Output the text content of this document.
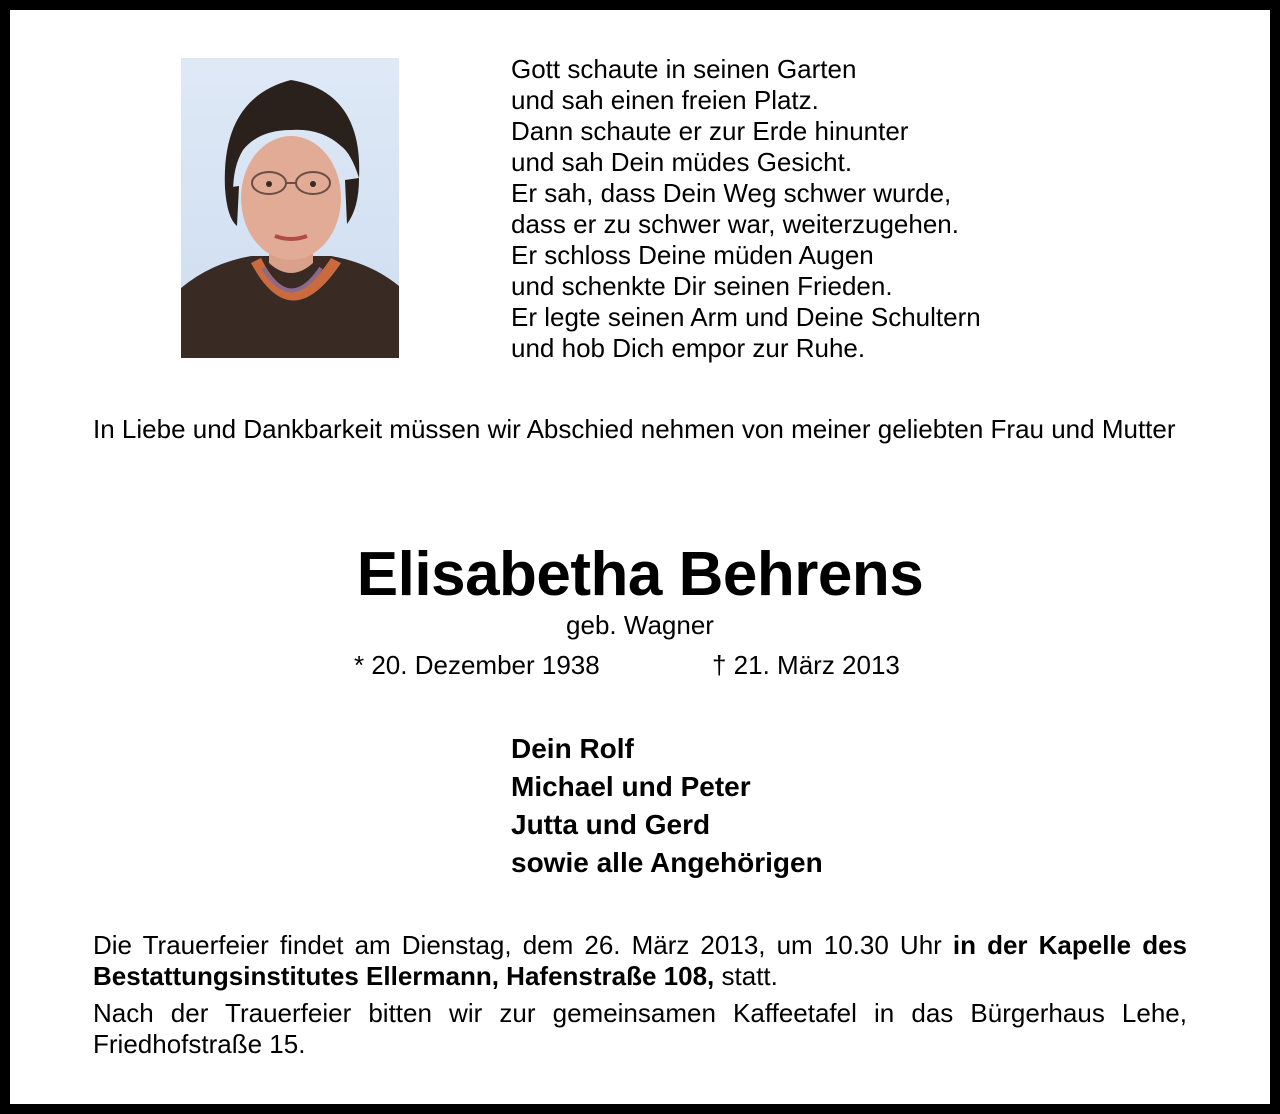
Gott schaute in seinen Garten
und sah einen freien Platz.
Dann schaute er zur Erde hinunter
und sah Dein müdes Gesicht.
Er sah, dass Dein Weg schwer wurde,
dass er zu schwer war, weiterzugehen.
Er schloss Deine müden Augen
und schenkte Dir seinen Frieden.
Er legte seinen Arm und Deine Schultern
und hob Dich empor zur Ruhe.
In Liebe und Dankbarkeit müssen wir Abschied nehmen von meiner geliebten Frau und Mutter
Elisabetha Behrens
geb. Wagner
* 20. Dezember 1938	† 21. März 2013
Dein Rolf
Michael und Peter
Jutta und Gerd
sowie alle Angehörigen
Die Trauerfeier findet am Dienstag, dem 26. März 2013, um 10.30 Uhr in der Kapelle des Bestattungsinstitutes Ellermann, Hafenstraße 108, statt.
Nach der Trauerfeier bitten wir zur gemeinsamen Kaffeetafel in das Bürgerhaus Lehe, Friedhofstraße 15.
